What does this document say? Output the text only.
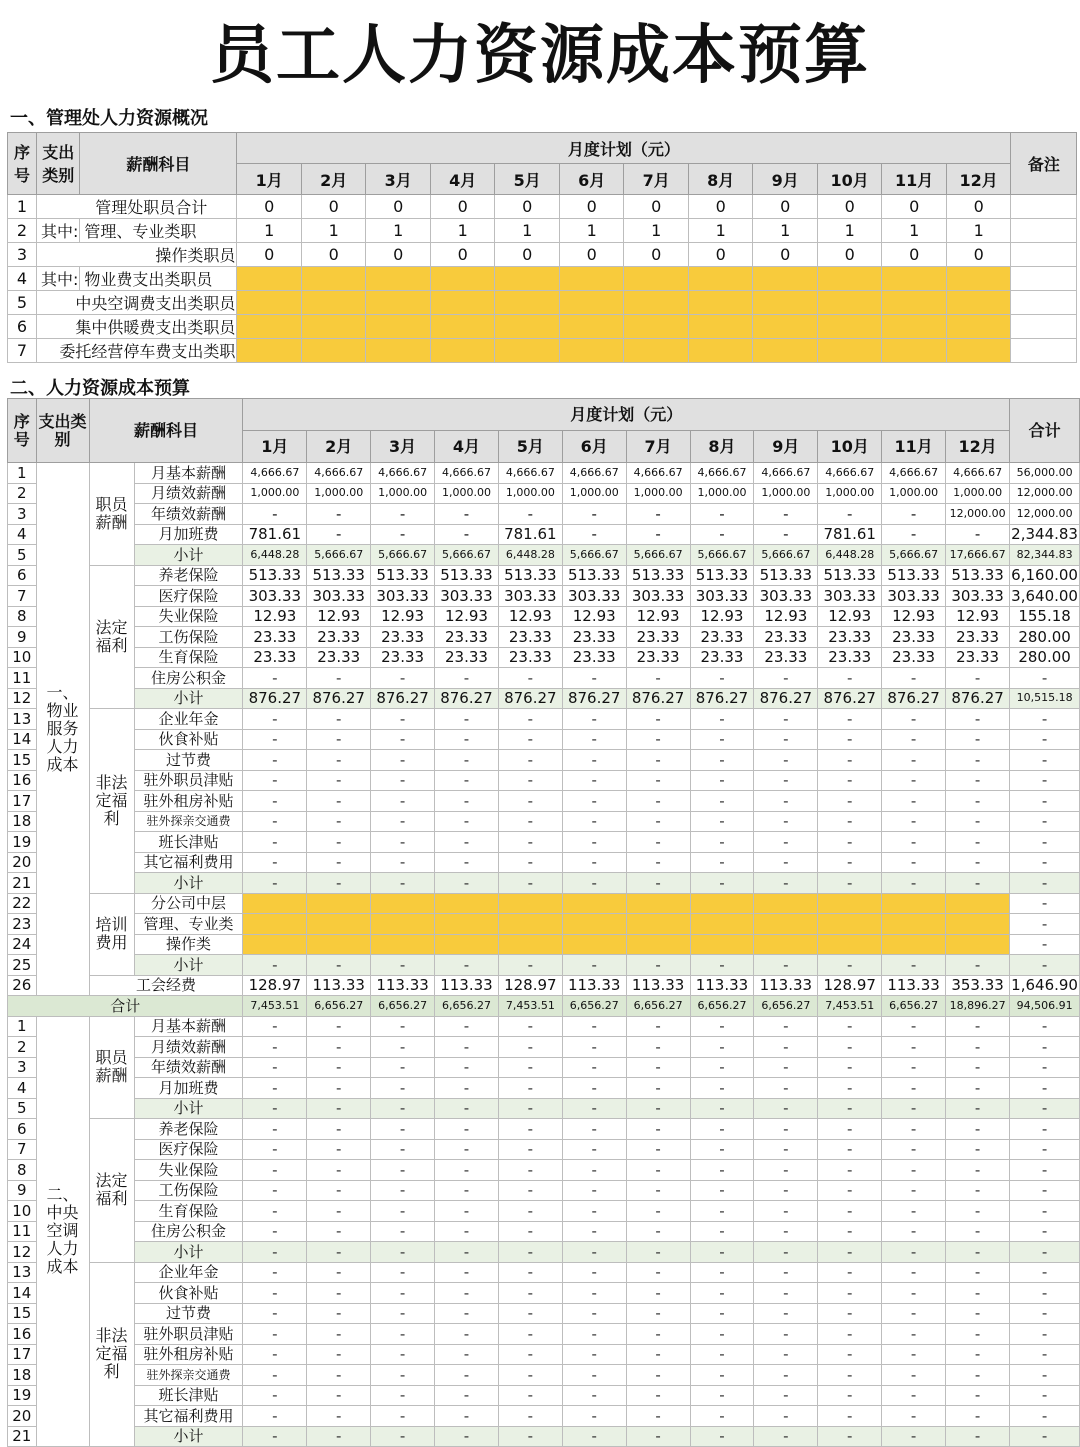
员工人力资源成本预算
一、管理处人力资源概况
序号	支出类别	薪酬科目	月度计划（元）												备注
			1月	2月	3月	4月	5月	6月	7月	8月	9月	10月	11月	12月	
1	管理处职员合计		0	0	0	0	0	0	0	0	0	0	0	0	
2	其中:	管理、专业类职	1	1	1	1	1	1	1	1	1	1	1	1	
3	操作类职员		0	0	0	0	0	0	0	0	0	0	0	0	
4	其中:	物业费支出类职员													
5	中央空调费支出类职员														
6	集中供暖费支出类职员														
7	委托经营停车费支出类职														
二、人力资源成本预算
序号	支出类别	薪酬科目		月度计划（元）												合计
				1月	2月	3月	4月	5月	6月	7月	8月	9月	10月	11月	12月	
1	一、物业服务人力成本	职员薪酬	月基本薪酬	4,666.67	4,666.67	4,666.67	4,666.67	4,666.67	4,666.67	4,666.67	4,666.67	4,666.67	4,666.67	4,666.67	4,666.67	56,000.00
2			月绩效薪酬	1,000.00	1,000.00	1,000.00	1,000.00	1,000.00	1,000.00	1,000.00	1,000.00	1,000.00	1,000.00	1,000.00	1,000.00	12,000.00
3			年绩效薪酬	-	-	-	-	-	-	-	-	-	-	-	12,000.00	12,000.00
4			月加班费	781.61	-	-	-	781.61	-	-	-	-	781.61	-	-	2,344.83
5			小计	6,448.28	5,666.67	5,666.67	5,666.67	6,448.28	5,666.67	5,666.67	5,666.67	5,666.67	6,448.28	5,666.67	17,666.67	82,344.83
6		法定福利	养老保险	513.33	513.33	513.33	513.33	513.33	513.33	513.33	513.33	513.33	513.33	513.33	513.33	6,160.00
7			医疗保险	303.33	303.33	303.33	303.33	303.33	303.33	303.33	303.33	303.33	303.33	303.33	303.33	3,640.00
8			失业保险	12.93	12.93	12.93	12.93	12.93	12.93	12.93	12.93	12.93	12.93	12.93	12.93	155.18
9			工伤保险	23.33	23.33	23.33	23.33	23.33	23.33	23.33	23.33	23.33	23.33	23.33	23.33	280.00
10			生育保险	23.33	23.33	23.33	23.33	23.33	23.33	23.33	23.33	23.33	23.33	23.33	23.33	280.00
11			住房公积金	-	-	-	-	-	-	-	-	-	-	-	-	-
12			小计	876.27	876.27	876.27	876.27	876.27	876.27	876.27	876.27	876.27	876.27	876.27	876.27	10,515.18
13		非法定福利	企业年金	-	-	-	-	-	-	-	-	-	-	-	-	-
14			伙食补贴	-	-	-	-	-	-	-	-	-	-	-	-	-
15			过节费	-	-	-	-	-	-	-	-	-	-	-	-	-
16			驻外职员津贴	-	-	-	-	-	-	-	-	-	-	-	-	-
17			驻外租房补贴	-	-	-	-	-	-	-	-	-	-	-	-	-
18			驻外探亲交通费	-	-	-	-	-	-	-	-	-	-	-	-	-
19			班长津贴	-	-	-	-	-	-	-	-	-	-	-	-	-
20			其它福利费用	-	-	-	-	-	-	-	-	-	-	-	-	-
21			小计	-	-	-	-	-	-	-	-	-	-	-	-	-
22		培训费用	分公司中层													-
23			管理、专业类													-
24			操作类													-
25			小计	-	-	-	-	-	-	-	-	-	-	-	-	-
26		工会经费		128.97	113.33	113.33	113.33	128.97	113.33	113.33	113.33	113.33	128.97	113.33	353.33	1,646.90
合计				7,453.51	6,656.27	6,656.27	6,656.27	7,453.51	6,656.27	6,656.27	6,656.27	6,656.27	7,453.51	6,656.27	18,896.27	94,506.91
1	二、中央空调人力成本	职员薪酬	月基本薪酬	-	-	-	-	-	-	-	-	-	-	-	-	-
2			月绩效薪酬	-	-	-	-	-	-	-	-	-	-	-	-	-
3			年绩效薪酬	-	-	-	-	-	-	-	-	-	-	-	-	-
4			月加班费	-	-	-	-	-	-	-	-	-	-	-	-	-
5			小计	-	-	-	-	-	-	-	-	-	-	-	-	-
6		法定福利	养老保险	-	-	-	-	-	-	-	-	-	-	-	-	-
7			医疗保险	-	-	-	-	-	-	-	-	-	-	-	-	-
8			失业保险	-	-	-	-	-	-	-	-	-	-	-	-	-
9			工伤保险	-	-	-	-	-	-	-	-	-	-	-	-	-
10			生育保险	-	-	-	-	-	-	-	-	-	-	-	-	-
11			住房公积金	-	-	-	-	-	-	-	-	-	-	-	-	-
12			小计	-	-	-	-	-	-	-	-	-	-	-	-	-
13		非法定福利	企业年金	-	-	-	-	-	-	-	-	-	-	-	-	-
14			伙食补贴	-	-	-	-	-	-	-	-	-	-	-	-	-
15			过节费	-	-	-	-	-	-	-	-	-	-	-	-	-
16			驻外职员津贴	-	-	-	-	-	-	-	-	-	-	-	-	-
17			驻外租房补贴	-	-	-	-	-	-	-	-	-	-	-	-	-
18			驻外探亲交通费	-	-	-	-	-	-	-	-	-	-	-	-	-
19			班长津贴	-	-	-	-	-	-	-	-	-	-	-	-	-
20			其它福利费用	-	-	-	-	-	-	-	-	-	-	-	-	-
21			小计	-	-	-	-	-	-	-	-	-	-	-	-	-
